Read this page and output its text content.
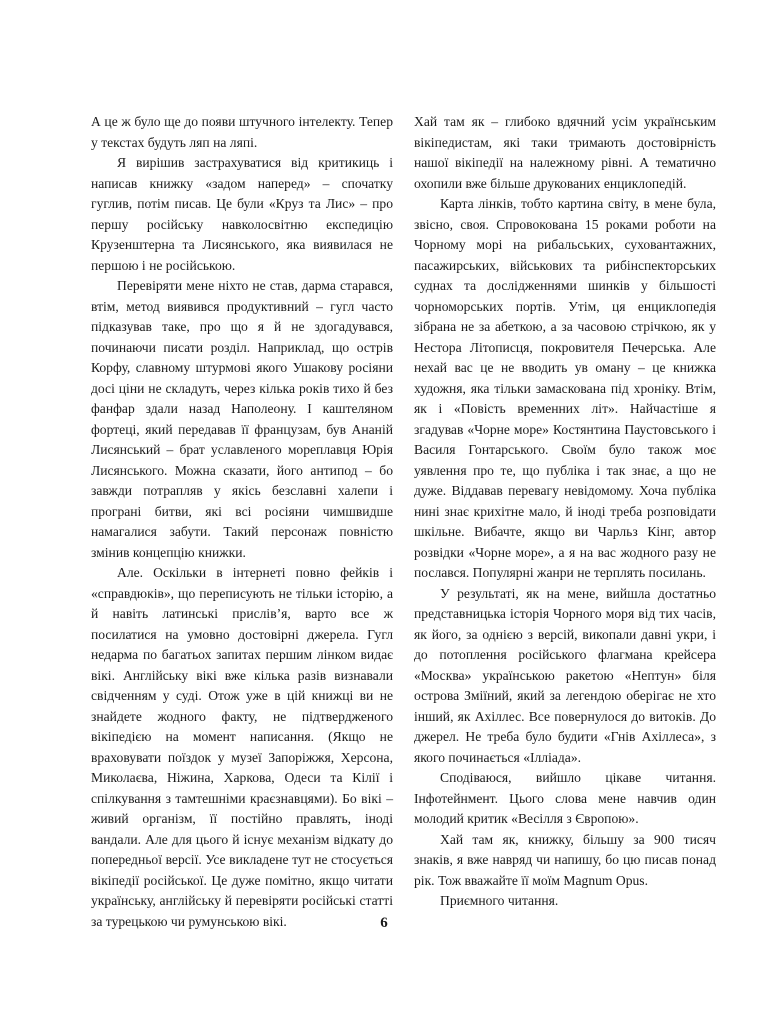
А це ж було ще до появи штучного інтелекту. Тепер у текстах будуть ляп на ляпі.

Я вирішив застрахуватися від критикиць і написав книжку «задом наперед» – спочатку гуглив, потім писав. Це були «Круз та Лис» – про першу російську навколосвітню експедицію Крузенштерна та Лисянського, яка виявилася не першою і не російською.

Перевіряти мене ніхто не став, дарма старався, втім, метод виявився продуктивний – гугл часто підказував таке, про що я й не здогадувався, починаючи писати розділ. Наприклад, що острів Корфу, славному штурмові якого Ушакову росіяни досі ціни не складуть, через кілька років тихо й без фанфар здали назад Наполеону. І каштеляном фортеці, який передавав її французам, був Ананій Лисянський – брат уславленого мореплавця Юрія Лисянського. Можна сказати, його антипод – бо завжди потрапляв у якісь безславні халепи і програні битви, які всі росіяни чимшвидше намагалися забути. Такий персонаж повністю змінив концепцію книжки.

Але. Оскільки в інтернеті повно фейків і «справдюків», що переписують не тільки історію, а й навіть латинські прислів’я, варто все ж посилатися на умовно достовірні джерела. Гугл недарма по багатьох запитах першим лінком видає вікі. Англійську вікі вже кілька разів визнавали свідченням у суді. Отож уже в цій книжці ви не знайдете жодного факту, не підтвердженого вікіпедією на момент написання. (Якщо не враховувати поїздок у музеї Запоріжжя, Херсона, Миколаєва, Ніжина, Харкова, Одеси та Кілії і спілкування з тамтешніми краєзнавцями). Бо вікі – живий організм, її постійно правлять, іноді вандали. Але для цього й існує механізм відкату до попередньої версії. Усе викладене тут не стосується вікіпедії російської. Це дуже помітно, якщо читати українську, англійську й перевіряти російські статті за турецькою чи румунською вікі.

Хай там як – глибоко вдячний усім українським вікіпедистам, які таки тримають достовірність нашої вікіпедії на належному рівні. А тематично охопили вже більше друкованих енциклопедій.

Карта лінків, тобто картина світу, в мене була, звісно, своя. Спровокована 15 роками роботи на Чорному морі на рибальських, суховантажних, пасажирських, військових та рибінспекторських суднах та дослідженнями шинків у більшості чорноморських портів. Утім, ця енциклопедія зібрана не за абеткою, а за часовою стрічкою, як у Нестора Літописця, покровителя Печерська. Але нехай вас це не вводить ув оману – це книжка художня, яка тільки замаскована під хроніку. Втім, як і «Повість временних літ». Найчастіше я згадував «Чорне море» Костянтина Паустовського і Василя Гонтарського. Своїм було також моє уявлення про те, що публіка і так знає, а що не дуже. Віддавав перевагу невідомому. Хоча публіка нині знає крихітне мало, й іноді треба розповідати шкільне. Вибачте, якщо ви Чарльз Кінг, автор розвідки «Чорне море», а я на вас жодного разу не послався. Популярні жанри не терплять посилань.

У результаті, як на мене, вийшла достатньо представницька історія Чорного моря від тих часів, як його, за однією з версій, викопали давні укри, і до потоплення російського флагмана крейсера «Москва» українською ракетою «Нептун» біля острова Зміїний, який за легендою оберігає не хто інший, як Ахіллес. Все повернулося до витоків. До джерел. Не треба було будити «Гнів Ахіллеса», з якого починається «Ілліада».

Сподіваюся, вийшло цікаве читання. Інфотейнмент. Цього слова мене навчив один молодий критик «Весілля з Європою».

Хай там як, книжку, більшу за 900 тисяч знаків, я вже навряд чи напишу, бо цю писав понад рік. Тож вважайте її моїм Magnum Opus.

Приємного читання.

6
